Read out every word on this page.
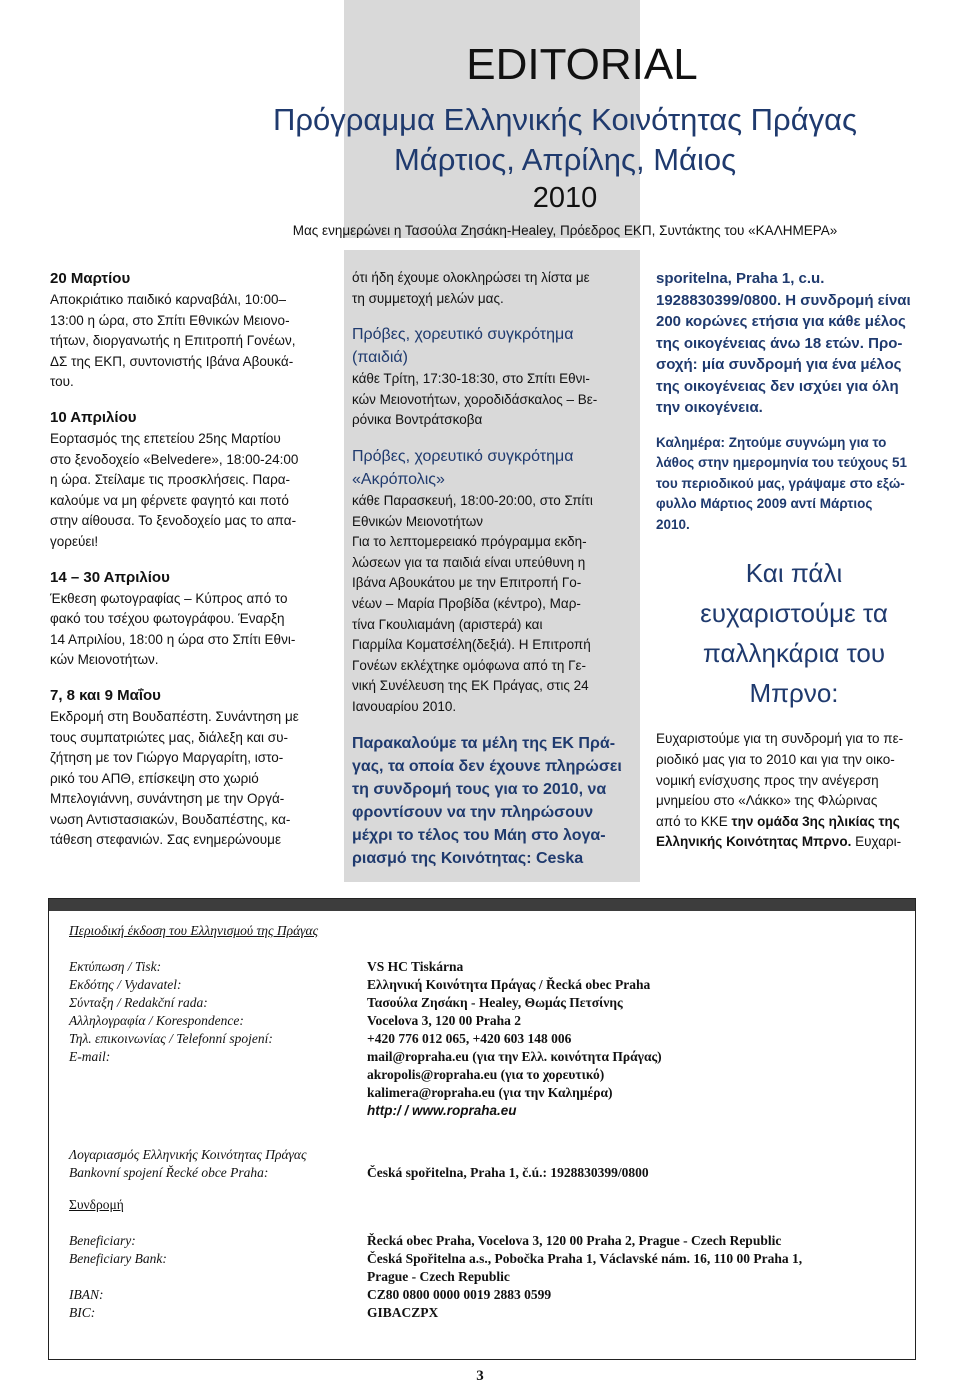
EDITORIAL
Πρόγραμμα Ελληνικής Κοινότητας Πράγας
Μάρτιος, Απρίλης, Μάιος
2010
Μας ενημερώνει η Τασούλα Ζησάκη-Healey, Πρόεδρος ΕΚΠ, Συντάκτης του «ΚΑΛΗΜΕΡΑ»

20 Μαρτίου

Αποκριάτικο παιδικό καρναβάλι, 10:00–

13:00 η ώρα, στο Σπίτι Εθνικών Μειονο-

τήτων, διοργανωτής η Επιτροπή Γονέων,

ΔΣ της ΕΚΠ, συντονιστής Ιβάνα Αβουκά-

του.

10 Απριλίου

Εορτασμός της επετείου 25ης Μαρτίου

στο ξενοδοχείο «Belvedere», 18:00-24:00

η ώρα. Στείλαμε τις προσκλήσεις. Παρα-

καλούμε να μη φέρνετε φαγητό και ποτό

στην αίθουσα. Το ξενοδοχείο μας το απα-

γορεύει!

14 – 30 Απριλίου

Έκθεση φωτογραφίας – Κύπρος από το

φακό του τσέχου φωτογράφου. Έναρξη

14 Απριλίου, 18:00 η ώρα στο Σπίτι Εθνι-

κών Μειονοτήτων.

7, 8 και 9 Μαΐου

Εκδρομή στη Βουδαπέστη. Συνάντηση με

τους συμπατριώτες μας, διάλεξη και συ-

ζήτηση με τον Γιώργο Μαργαρίτη, ιστο-

ρικό του ΑΠΘ, επίσκεψη στο χωριό

Μπελογιάννη, συνάντηση με την Οργά-

νωση Αντιστασιακών, Βουδαπέστης, κα-

τάθεση στεφανιών. Σας ενημερώνουμε

ότι ήδη έχουμε ολοκληρώσει τη λίστα με

τη συμμετοχή μελών μας.

Πρόβες, χορευτικό συγκρότημα

(παιδιά)

κάθε Τρίτη, 17:30-18:30, στο Σπίτι Εθνι-

κών Μειονοτήτων, χοροδιδάσκαλος – Βε-

ρόνικα Βοντράτσκοβα

Πρόβες, χορευτικό συγκρότημα

«Ακρόπολις»

κάθε Παρασκευή, 18:00-20:00, στο Σπίτι

Εθνικών Μειονοτήτων

Για το λεπτομερειακό πρόγραμμα εκδη-

λώσεων για τα παιδιά είναι υπεύθυνη η

Ιβάνα Αβουκάτου με την Επιτροπή Γο-

νέων – Μαρία Προβίδα (κέντρο), Μαρ-

τίνα Γκουλιαμάνη (αριστερά) και

Γιαρμίλα Κοματσέλη(δεξιά). Η Επιτροπή

Γονέων εκλέχτηκε ομόφωνα από τη Γε-

νική Συνέλευση της ΕΚ Πράγας, στις 24

Ιανουαρίου 2010.

Παρακαλούμε τα μέλη της ΕΚ Πρά-

γας, τα οποία δεν έχουνε πληρώσει

τη συνδρομή τους για το 2010, να

φροντίσουν να την πληρώσουν

μέχρι το τέλος του Μάη στο λογα-

ριασμό της Κοινότητας: Ceska

sporitelna, Praha 1, c.u.

1928830399/0800. Η συνδρομή είναι

200 κορώνες ετήσια για κάθε μέλος

της οικογένειας άνω 18 ετών. Προ-

σοχή: μία συνδρομή για ένα μέλος

της οικογένειας δεν ισχύει για όλη

την οικογένεια.

Καλημέρα: Ζητούμε συγνώμη για το

λάθος στην ημερομηνία του τεύχους 51

του περιοδικού μας, γράψαμε στο εξώ-

φυλλο Μάρτιος 2009 αντί Μάρτιος

2010.

Και πάλι

ευχαριστούμε τα

παλληκάρια του

Μπρνο:

Ευχαριστούμε για τη συνδρομή για το πε-

ριοδικό μας για το 2010 και για την οικο-

νομική ενίσχυσης προς την ανέγερση

μνημείου στο «Λάκκο» της Φλώρινας

από το ΚΚΕ την ομάδα 3ης ηλικίας της

Ελληνικής Κοινότητας Μπρνο. Ευχαρι-

Περιοδική έκδοση του Ελληνισμού της Πράγας
Εκτύπωση / Tisk:	VS HC Tiskárna
Εκδότης / Vydavatel:	Ελληνική Κοινότητα Πράγας / Řecká obec Praha
Σύνταξη / Redakční rada:	Τασούλα Ζησάκη - Healey, Θωμάς Πετσίνης
Αλληλογραφία / Korespondence:	Vocelova 3, 120 00 Praha 2
Τηλ. επικοινωνίας / Telefonní spojení:	+420 776 012 065, +420 603 148 006
E-mail:	mail@ropraha.eu (για την Ελλ. κοινότητα Πράγας)
akropolis@ropraha.eu (για το χορευτικό)
kalimera@ropraha.eu (για την Καλημέρα)
http:/ / www.ropraha.eu
Λογαριασμός Ελληνικής Κοινότητας Πράγας
Bankovní spojení Řecké obce Praha:	Česká spořitelna, Praha 1, č.ú.: 1928830399/0800
Συνδρομή
Beneficiary:	Řecká obec Praha, Vocelova 3, 120 00 Praha 2, Prague - Czech Republic
Beneficiary Bank:	Česká Spořitelna a.s., Pobočka Praha 1, Václavské nám. 16, 110 00 Praha 1,
Prague - Czech Republic
IBAN:	CZ80 0800 0000 0019 2883 0599
BIC:	GIBACZPX
3
